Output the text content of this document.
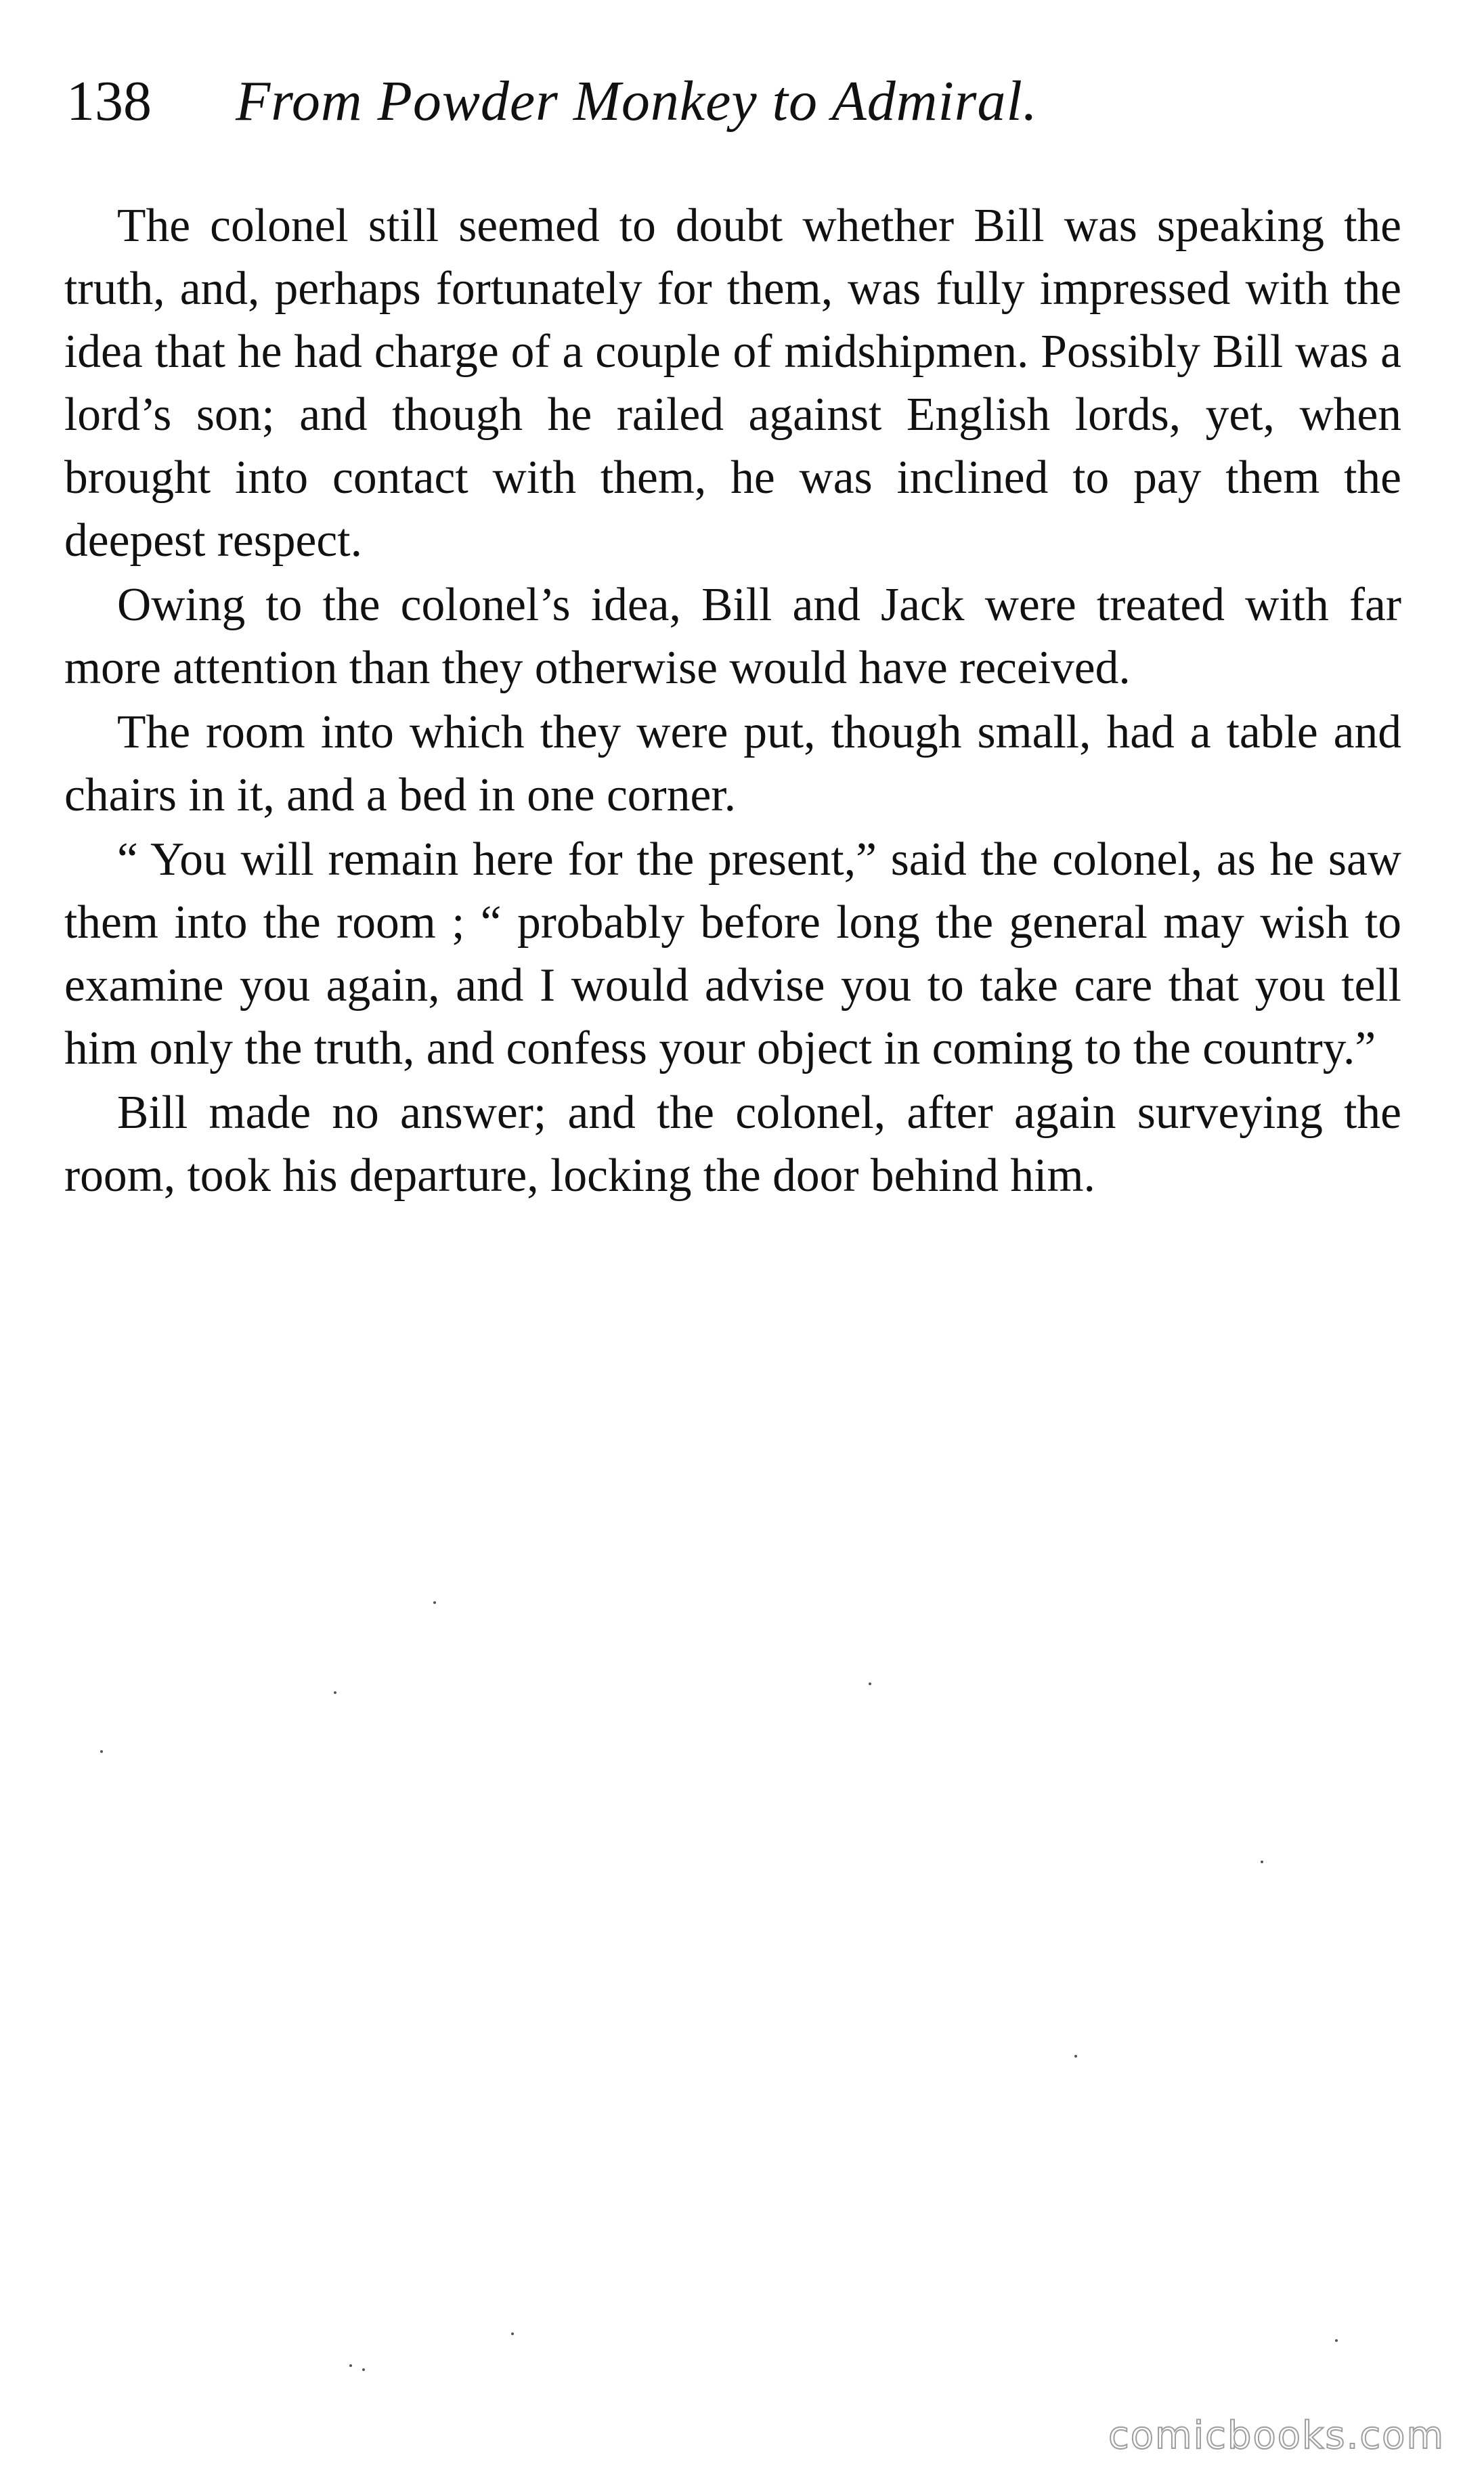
138 From Powder Monkey to Admiral.

The colonel still seemed to doubt whether Bill was speaking the truth, and, perhaps fortunately for them, was fully impressed with the idea that he had charge of a couple of midshipmen. Possibly Bill was a lord’s son; and though he railed against English lords, yet, when brought into contact with them, he was inclined to pay them the deepest respect.

Owing to the colonel’s idea, Bill and Jack were treated with far more attention than they otherwise would have received.

The room into which they were put, though small, had a table and chairs in it, and a bed in one corner.

“ You will remain here for the present,” said the colonel, as he saw them into the room ; “ probably before long the general may wish to examine you again, and I would advise you to take care that you tell him only the truth, and confess your object in coming to the country.”

Bill made no answer; and the colonel, after again surveying the room, took his departure, locking the door behind him.

comicbooks.com
